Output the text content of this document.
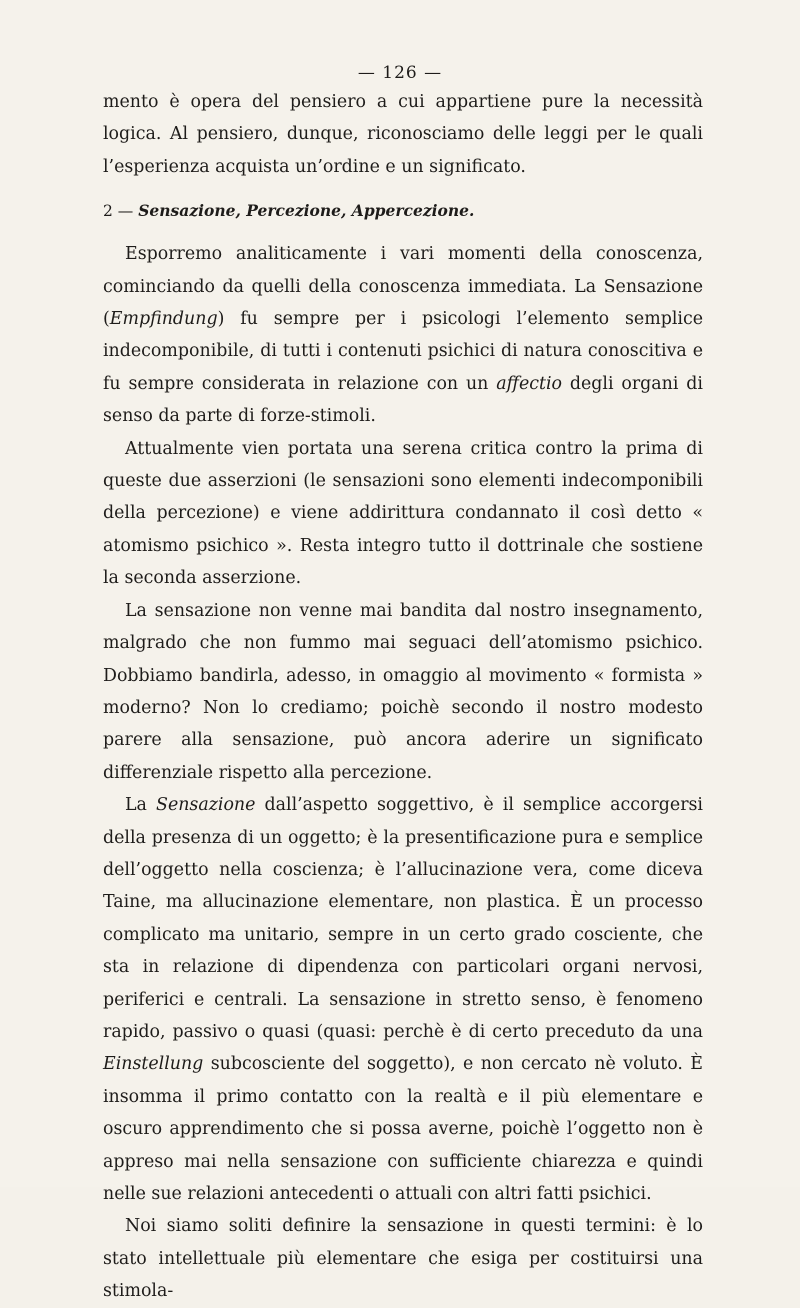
— 126 —

mento è opera del pensiero a cui appartiene pure la necessità logica. Al pensiero, dunque, riconosciamo delle leggi per le quali l’esperienza acquista un’ordine e un significato.

2 — Sensazione, Percezione, Appercezione.

Esporremo analiticamente i vari momenti della conoscenza, cominciando da quelli della conoscenza immediata. La Sensazione (Empfindung) fu sempre per i psicologi l’elemento semplice indecomponibile, di tutti i contenuti psichici di natura conoscitiva e fu sempre considerata in relazione con un affectio degli organi di senso da parte di forze-stimoli.

Attualmente vien portata una serena critica contro la prima di queste due asserzioni (le sensazioni sono elementi indecomponibili della percezione) e viene addirittura condannato il così detto « atomismo psichico ». Resta integro tutto il dottrinale che sostiene la seconda asserzione.

La sensazione non venne mai bandita dal nostro insegnamento, malgrado che non fummo mai seguaci dell’atomismo psichico. Dobbiamo bandirla, adesso, in omaggio al movimento « formista » moderno? Non lo crediamo; poichè secondo il nostro modesto parere alla sensazione, può ancora aderire un significato differenziale rispetto alla percezione.

La Sensazione dall’aspetto soggettivo, è il semplice accorgersi della presenza di un oggetto; è la presentificazione pura e semplice dell’oggetto nella coscienza; è l’allucinazione vera, come diceva Taine, ma allucinazione elementare, non plastica. È un processo complicato ma unitario, sempre in un certo grado cosciente, che sta in relazione di dipendenza con particolari organi nervosi, periferici e centrali. La sensazione in stretto senso, è fenomeno rapido, passivo o quasi (quasi: perchè è di certo preceduto da una Einstellung subcosciente del soggetto), e non cercato nè voluto. È insomma il primo contatto con la realtà e il più elementare e oscuro apprendimento che si possa averne, poichè l’oggetto non è appreso mai nella sensazione con sufficiente chiarezza e quindi nelle sue relazioni antecedenti o attuali con altri fatti psichici.

Noi siamo soliti definire la sensazione in questi termini: è lo stato intellettuale più elementare che esiga per costituirsi una stimola-
